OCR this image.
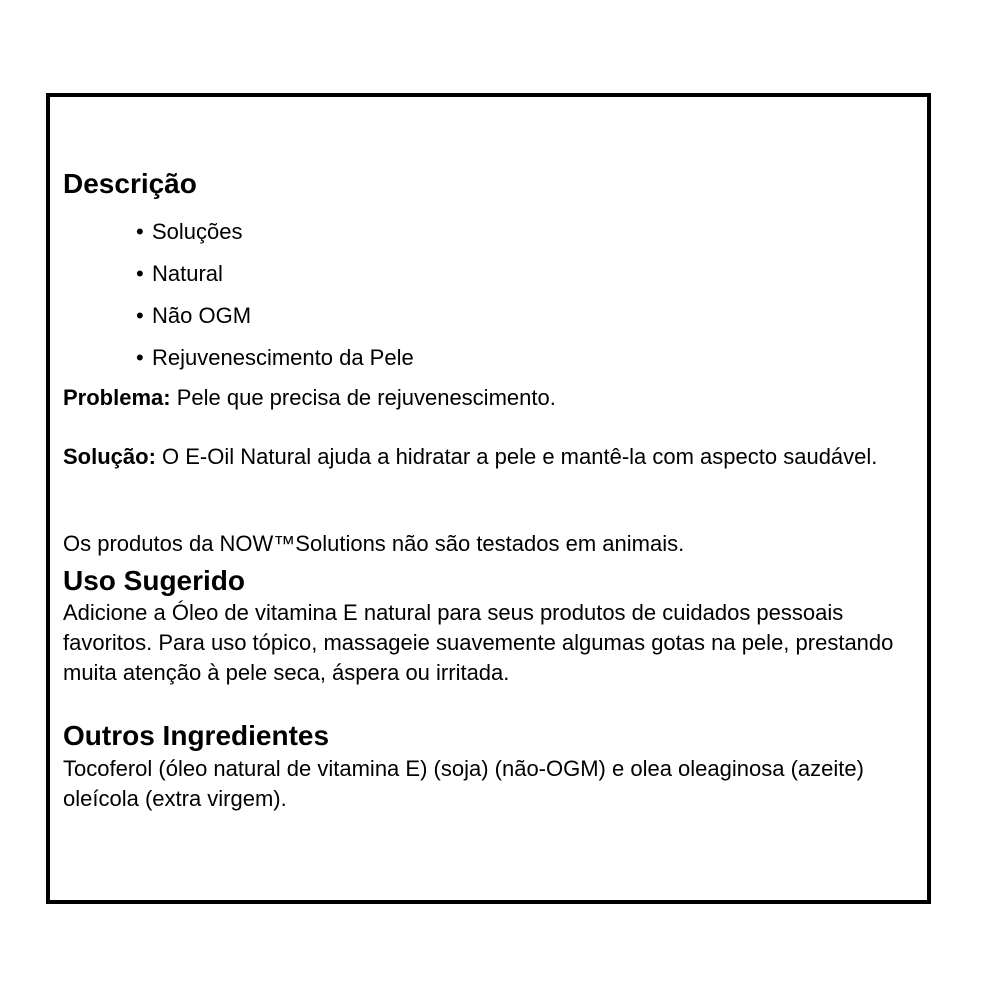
Descrição
• Soluções
• Natural
• Não OGM
• Rejuvenescimento da Pele

Problema: Pele que precisa de rejuvenescimento.

Solução: O E-Oil Natural ajuda a hidratar a pele e mantê-la com aspecto saudável.

Os produtos da NOW™Solutions não são testados em animais.

Uso Sugerido

Adicione a Óleo de vitamina E natural para seus produtos de cuidados pessoais favoritos. Para uso tópico, massageie suavemente algumas gotas na pele, prestando muita atenção à pele seca, áspera ou irritada.

Outros Ingredientes

Tocoferol (óleo natural de vitamina E) (soja) (não-OGM) e olea oleaginosa (azeite) oleícola (extra virgem).
